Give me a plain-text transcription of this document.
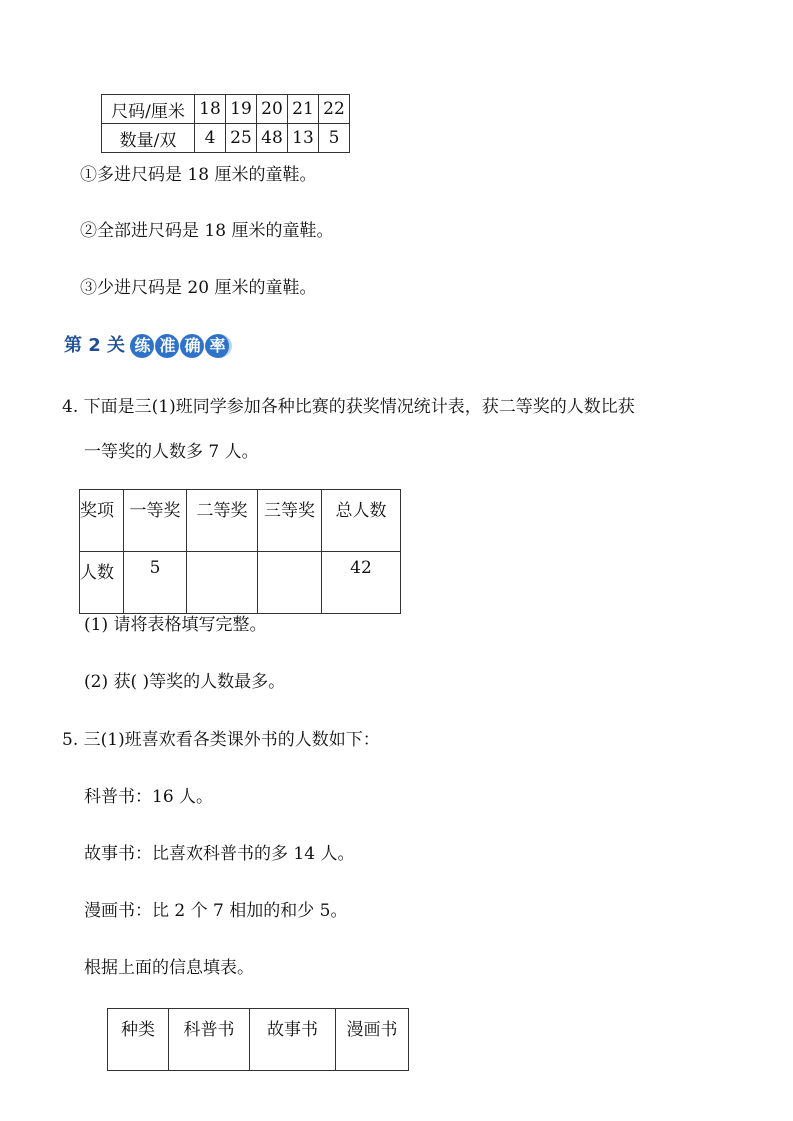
尺码/厘米	18	19	20	21	22
数量/双	4	25	48	13	5
①多进尺码是 18 厘米的童鞋。
②全部进尺码是 18 厘米的童鞋。
③少进尺码是 20 厘米的童鞋。
第 2 关 练 准 确 率
4. 下面是三(1)班同学参加各种比赛的获奖情况统计表，获二等奖的人数比获
一等奖的人数多 7 人。
奖项	一等奖	二等奖	三等奖	总人数
人数	5			42
(1) 请将表格填写完整。
(2) 获( )等奖的人数最多。
5. 三(1)班喜欢看各类课外书的人数如下：
科普书：16 人。
故事书：比喜欢科普书的多 14 人。
漫画书：比 2 个 7 相加的和少 5。
根据上面的信息填表。
种类	科普书	故事书	漫画书
